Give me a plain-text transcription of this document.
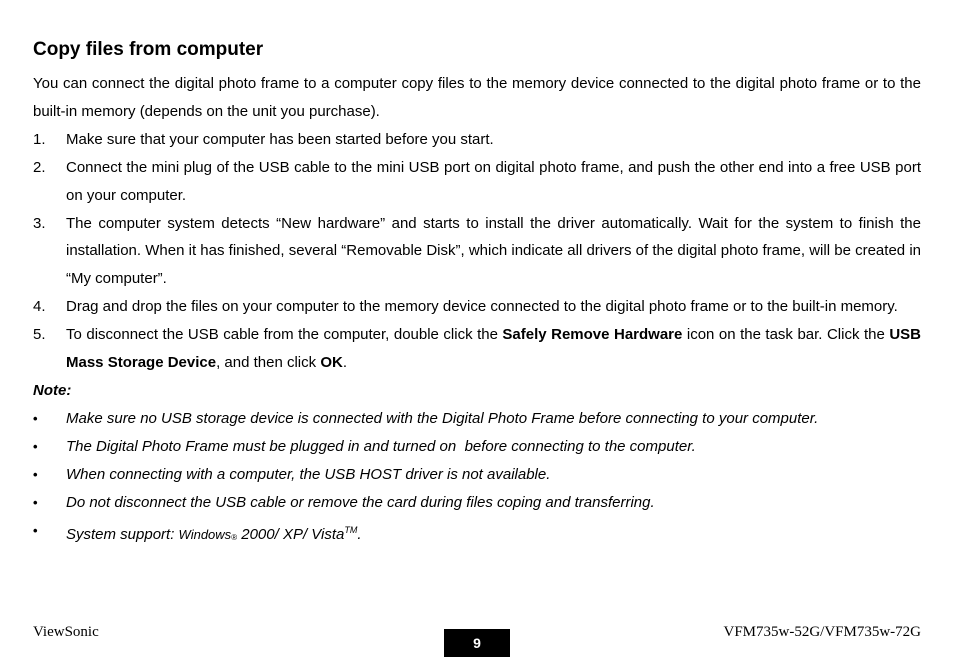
Copy files from computer

You can connect the digital photo frame to a computer copy files to the memory device connected to the digital photo frame or to the built-in memory (depends on the unit you purchase).

1.	Make sure that your computer has been started before you start.
2.	Connect the mini plug of the USB cable to the mini USB port on digital photo frame, and push the other end into a free USB port on your computer.
3.	The computer system detects “New hardware” and starts to install the driver automatically. Wait for the system to finish the installation. When it has finished, several “Removable Disk”, which indicate all drivers of the digital photo frame, will be created in “My computer”.
4.	Drag and drop the files on your computer to the memory device connected to the digital photo frame or to the built-in memory.
5.	To disconnect the USB cable from the computer, double click the Safely Remove Hardware icon on the task bar. Click the USB Mass Storage Device, and then click OK.
Note:
•	Make sure no USB storage device is connected with the Digital Photo Frame before connecting to your computer.
•	The Digital Photo Frame must be plugged in and turned on  before connecting to the computer.
•	When connecting with a computer, the USB HOST driver is not available.
•	Do not disconnect the USB cable or remove the card during files coping and transferring.
•	System support: Windows® 2000/ XP/ Vista™.
ViewSonic
9
VFM735w-52G/VFM735w-72G
